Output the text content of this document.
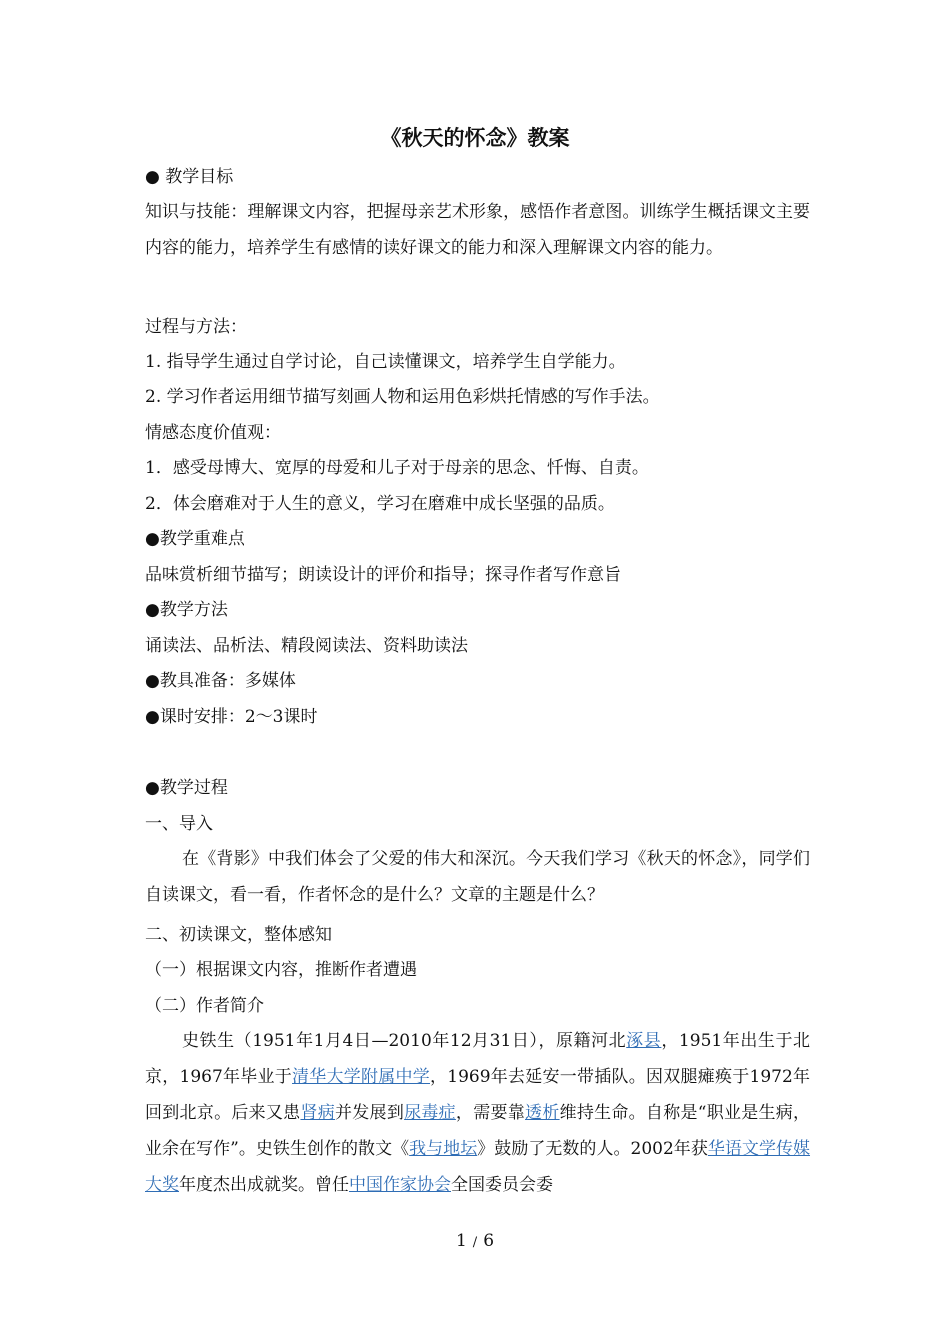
《秋天的怀念》教案
● 教学目标
知识与技能：理解课文内容，把握母亲艺术形象，感悟作者意图。训练学生概括课文主要内容的能力，培养学生有感情的读好课文的能力和深入理解课文内容的能力。
过程与方法：
1. 指导学生通过自学讨论，自己读懂课文，培养学生自学能力。
2. 学习作者运用细节描写刻画人物和运用色彩烘托情感的写作手法。
情感态度价值观：
1．感受母博大、宽厚的母爱和儿子对于母亲的思念、忏悔、自责。
2．体会磨难对于人生的意义，学习在磨难中成长坚强的品质。
●教学重难点
品味赏析细节描写；朗读设计的评价和指导；探寻作者写作意旨
●教学方法
诵读法、品析法、精段阅读法、资料助读法
●教具准备：多媒体
●课时安排：2～3课时
●教学过程
一、导入
在《背影》中我们体会了父爱的伟大和深沉。今天我们学习《秋天的怀念》，同学们自读课文，看一看，作者怀念的是什么？文章的主题是什么？
二、初读课文，整体感知
（一）根据课文内容，推断作者遭遇
（二）作者简介
史铁生（1951年1月4日—2010年12月31日），原籍河北涿县，1951年出生于北京，1967年毕业于清华大学附属中学，1969年去延安一带插队。因双腿瘫痪于1972年回到北京。后来又患肾病并发展到尿毒症，需要靠透析维持生命。自称是“职业是生病，业余在写作”。史铁生创作的散文《我与地坛》鼓励了无数的人。2002年获华语文学传媒大奖年度杰出成就奖。曾任中国作家协会全国委员会委
1 / 6
